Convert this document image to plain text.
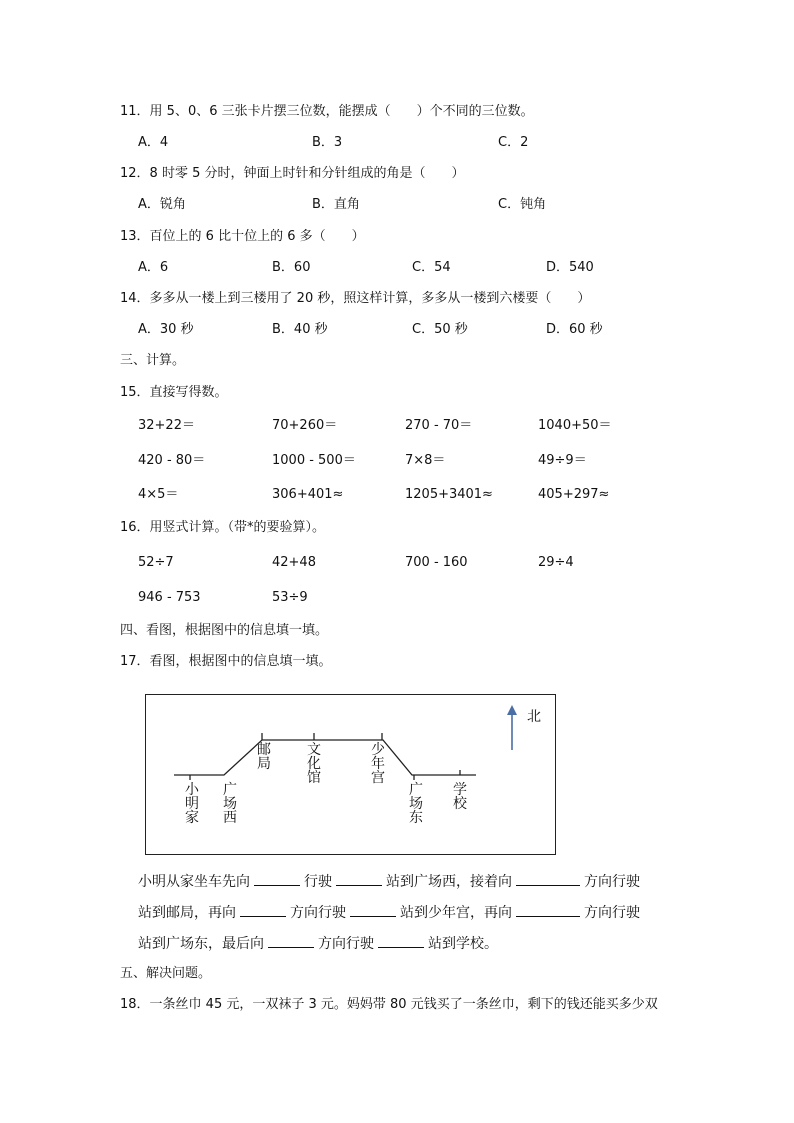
11．用 5、0、6 三张卡片摆三位数，能摆成（　　）个不同的三位数。
A．4	B．3	C．2
12．8 时零 5 分时，钟面上时针和分针组成的角是（　　）
A．锐角	B．直角	C．钝角
13．百位上的 6 比十位上的 6 多（　　）
A．6	B．60	C．54	D．540
14．多多从一楼上到三楼用了 20 秒，照这样计算，多多从一楼到六楼要（　　）
A．30 秒	B．40 秒	C．50 秒	D．60 秒
三、计算。
15．直接写得数。
32+22＝	70+260＝	270 - 70＝	1040+50＝
420 - 80＝	1000 - 500＝	7×8＝	49÷9＝
4×5＝	306+401≈	1205+3401≈	405+297≈
16．用竖式计算。（带*的要验算）。
52÷7	42+48	700 - 160	29÷4
946 - 753	53÷9
四、看图，根据图中的信息填一填。
17．看图，根据图中的信息填一填。
北
小明家
广场西
邮局
文化馆
少年宫
广场东
学校
小明从家坐车先向	行驶	站到广场西，接着向	方向行驶
站到邮局，再向	方向行驶	站到少年宫，再向	方向行驶
站到广场东，最后向	方向行驶	站到学校。
五、解决问题。
18．一条丝巾 45 元，一双袜子 3 元。妈妈带 80 元钱买了一条丝巾，剩下的钱还能买多少双
